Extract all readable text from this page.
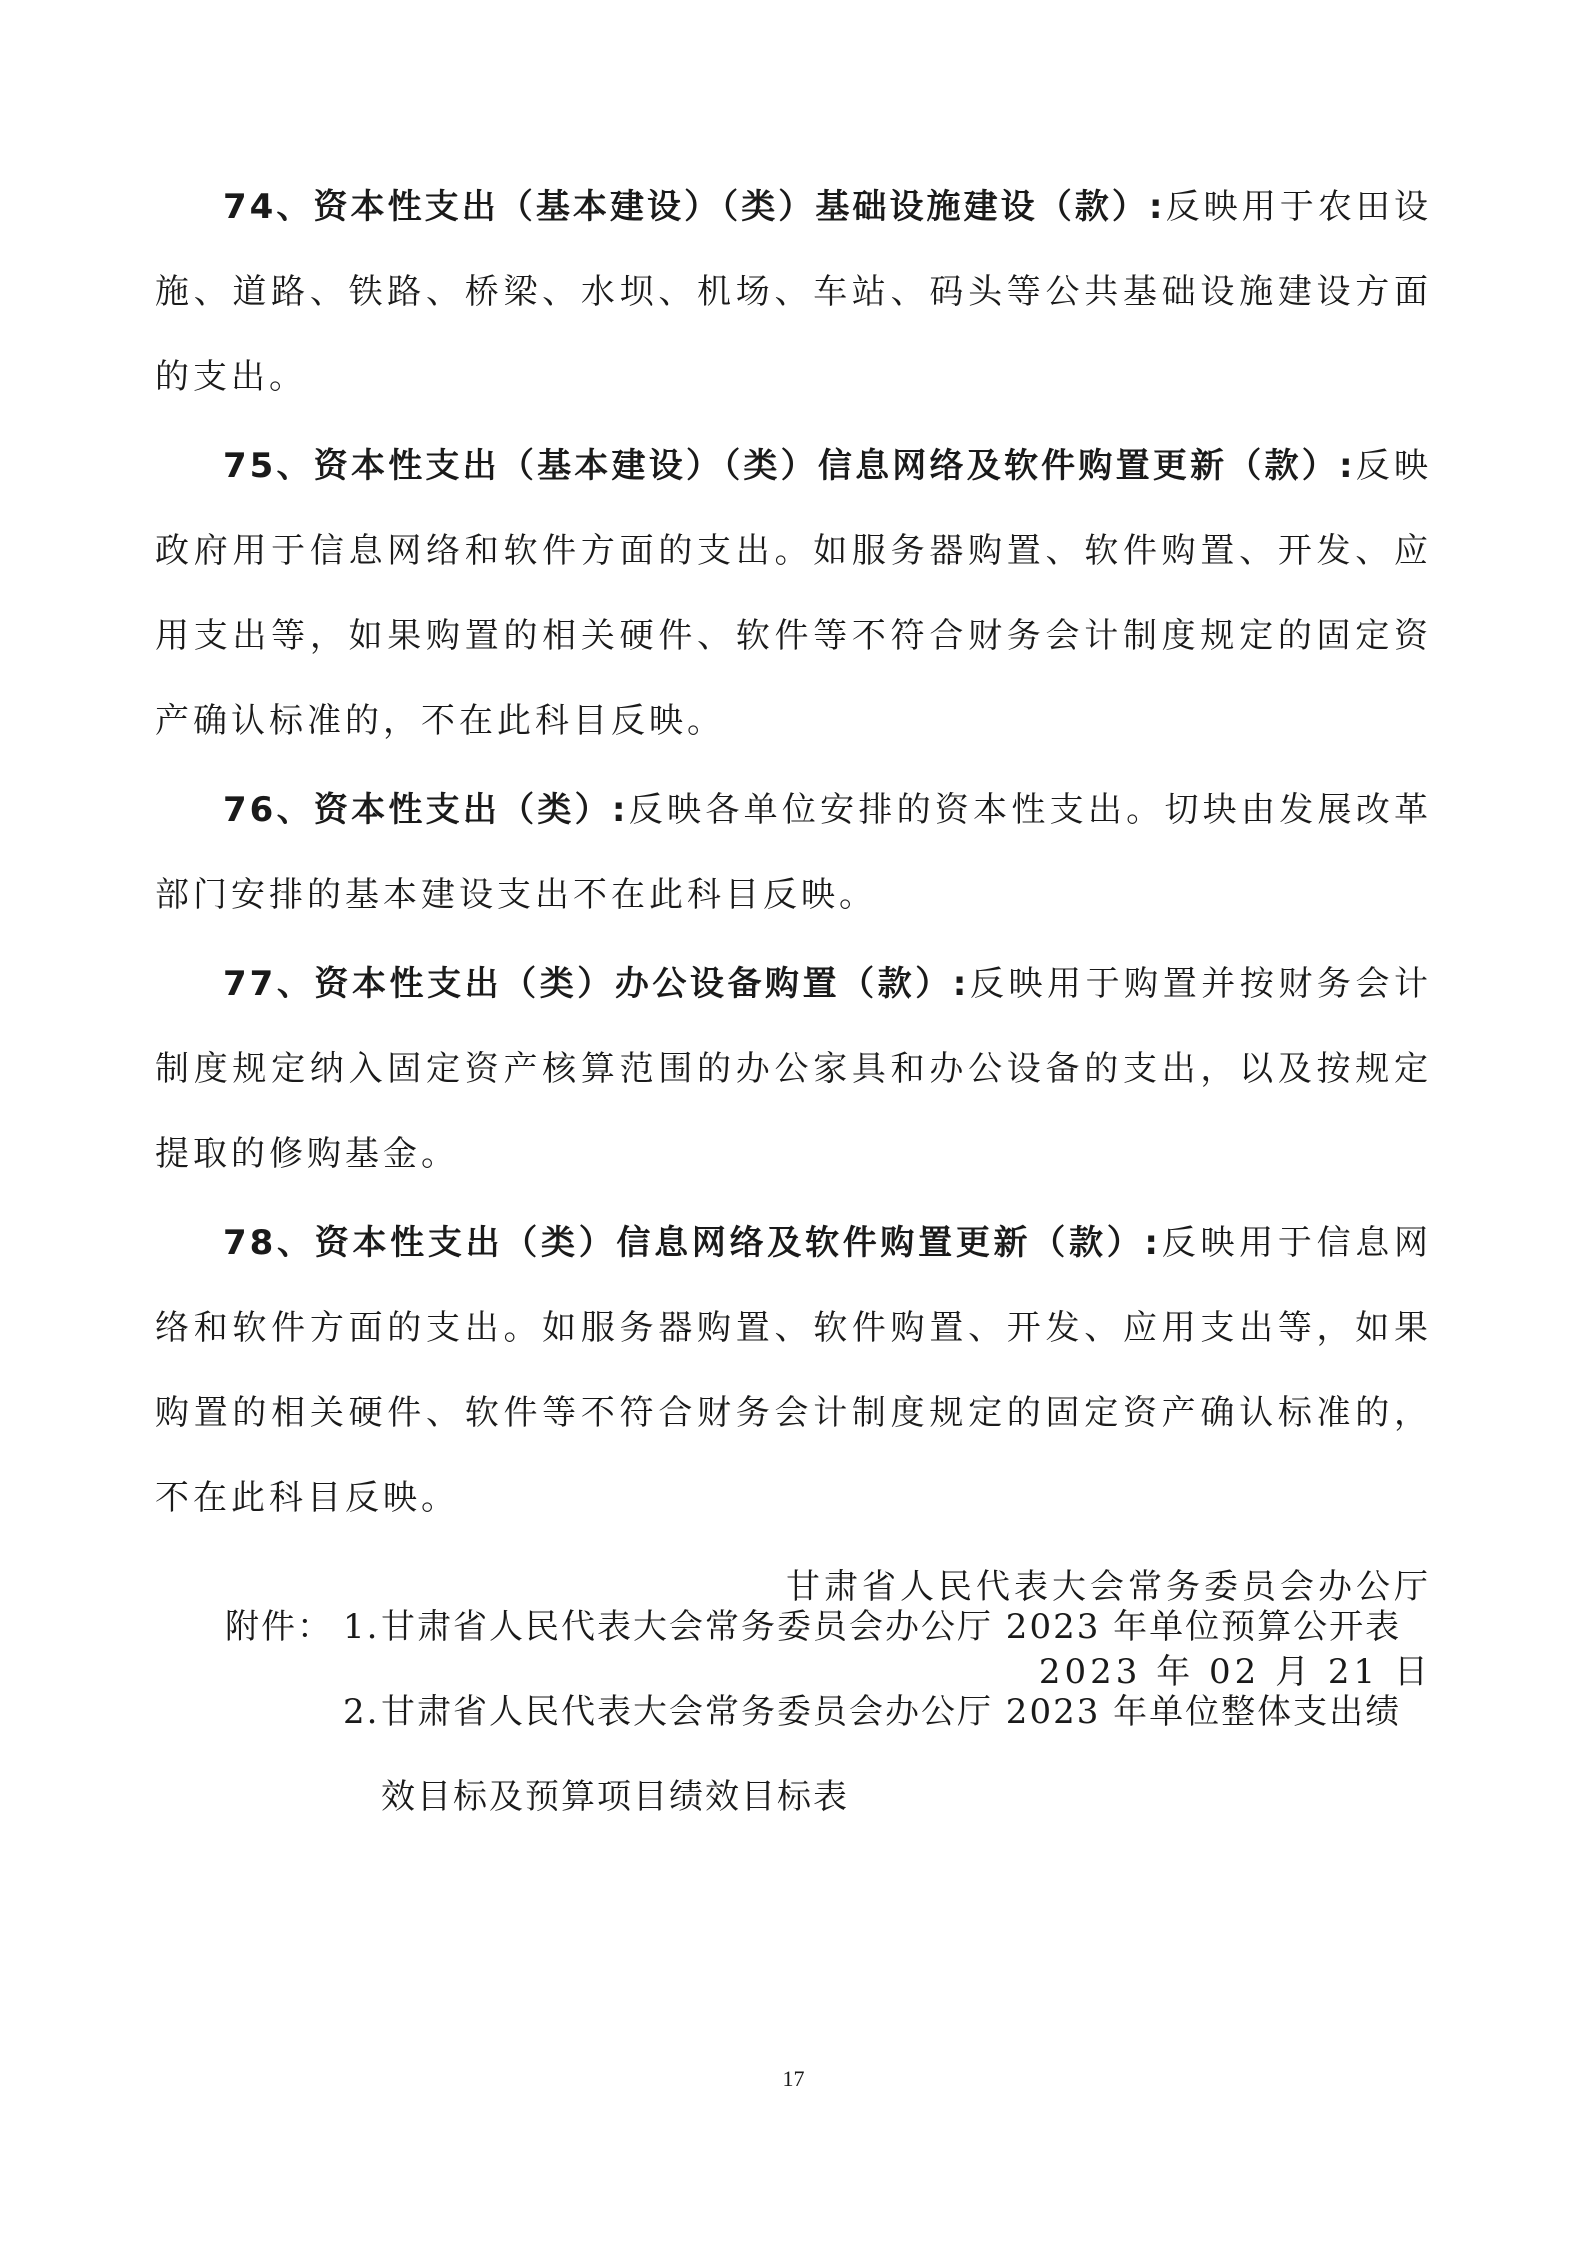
74、资本性支出（基本建设）（类）基础设施建设（款）:反映用于农田设施、道路、铁路、桥梁、水坝、机场、车站、码头等公共基础设施建设方面的支出。

75、资本性支出（基本建设）（类）信息网络及软件购置更新（款）:反映政府用于信息网络和软件方面的支出。如服务器购置、软件购置、开发、应用支出等，如果购置的相关硬件、软件等不符合财务会计制度规定的固定资产确认标准的，不在此科目反映。

76、资本性支出（类）:反映各单位安排的资本性支出。切块由发展改革部门安排的基本建设支出不在此科目反映。

77、资本性支出（类）办公设备购置（款）:反映用于购置并按财务会计制度规定纳入固定资产核算范围的办公家具和办公设备的支出，以及按规定提取的修购基金。

78、资本性支出（类）信息网络及软件购置更新（款）:反映用于信息网络和软件方面的支出。如服务器购置、软件购置、开发、应用支出等，如果购置的相关硬件、软件等不符合财务会计制度规定的固定资产确认标准的，不在此科目反映。

甘肃省人民代表大会常务委员会办公厅

2023 年 02 月 21 日

附件： 1. 甘肃省人民代表大会常务委员会办公厅 2023 年单位预算公开表
2. 甘肃省人民代表大会常务委员会办公厅 2023 年单位整体支出绩效目标及预算项目绩效目标表
17
